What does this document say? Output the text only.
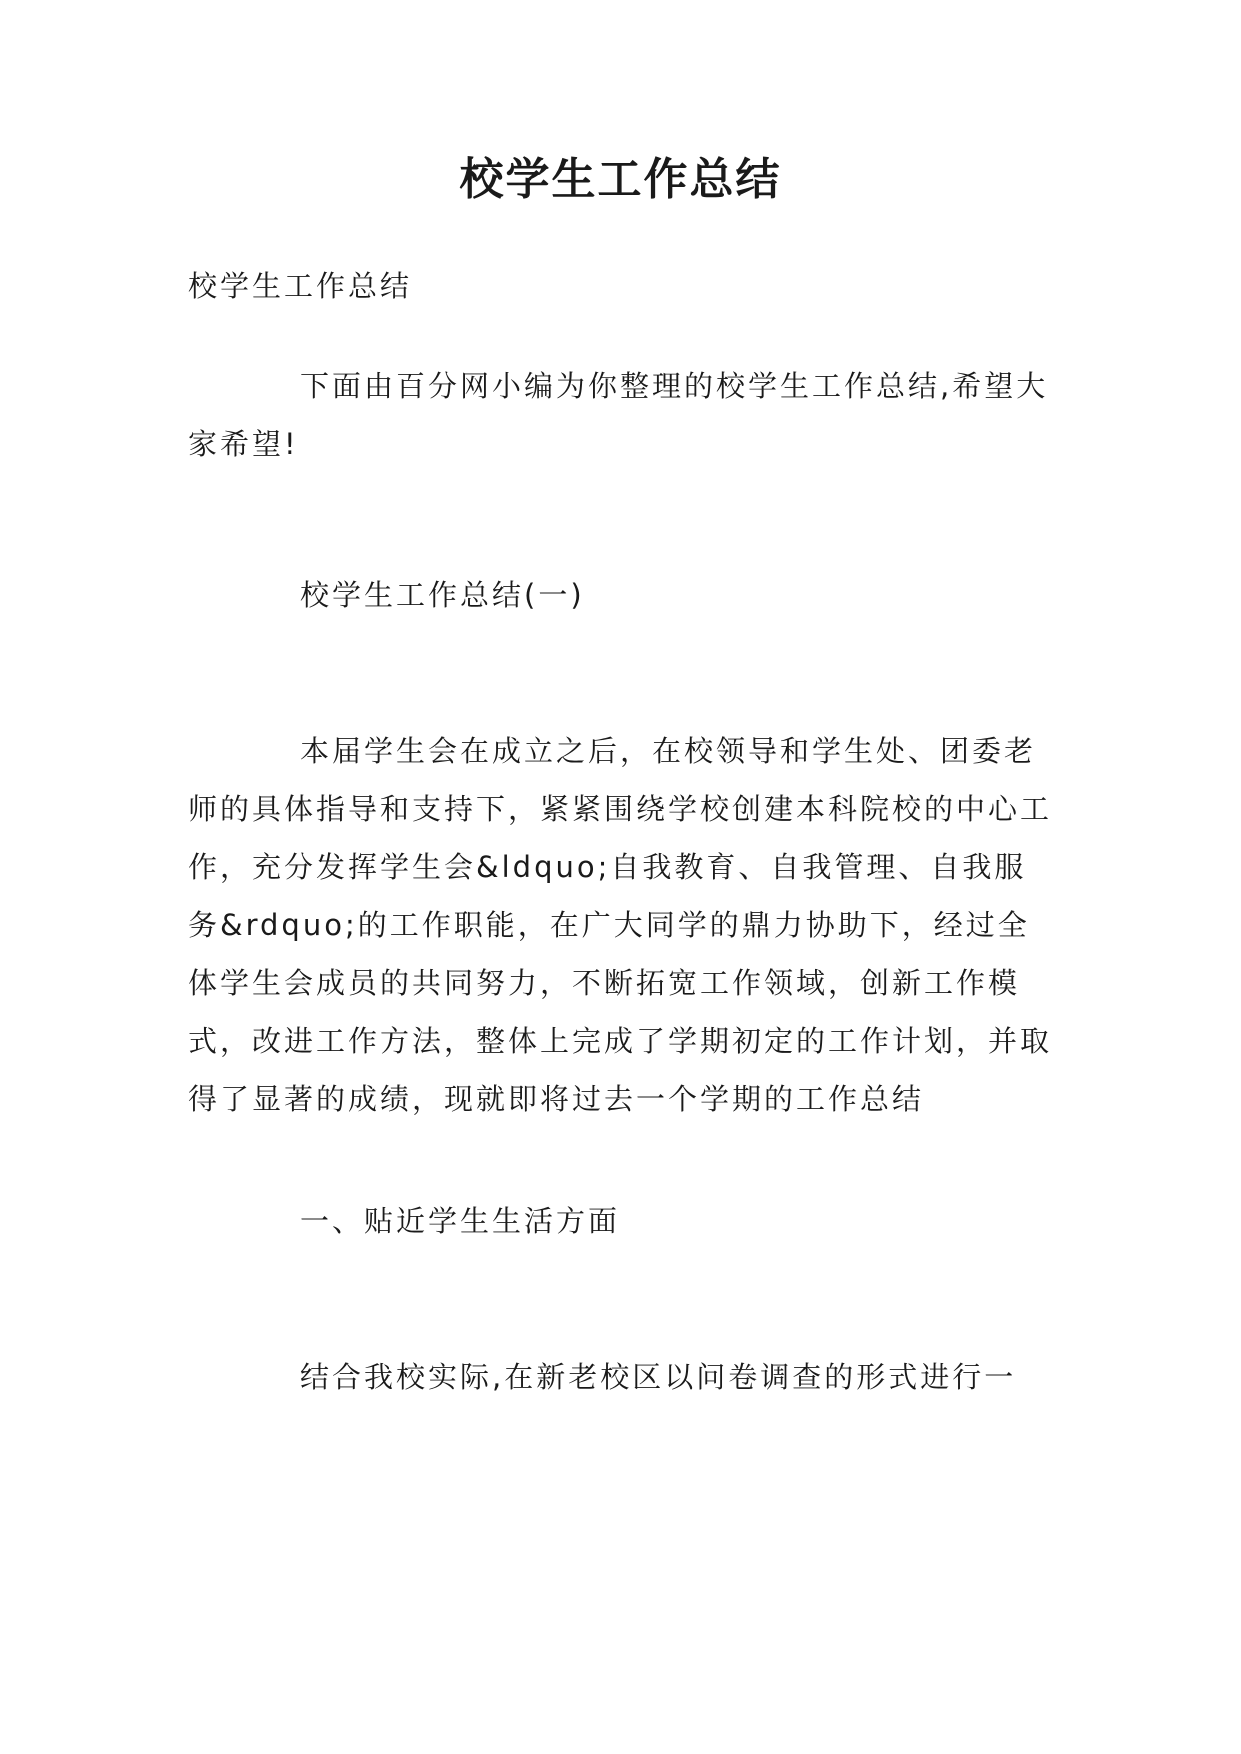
校学生工作总结

校学生工作总结

下面由百分网小编为你整理的校学生工作总结,希望大家希望!

校学生工作总结(一)

本届学生会在成立之后，在校领导和学生处、团委老师的具体指导和支持下，紧紧围绕学校创建本科院校的中心工作，充分发挥学生会&ldquo;自我教育、自我管理、自我服务&rdquo;的工作职能，在广大同学的鼎力协助下，经过全体学生会成员的共同努力，不断拓宽工作领域，创新工作模式，改进工作方法，整体上完成了学期初定的工作计划，并取得了显著的成绩，现就即将过去一个学期的工作总结

一、贴近学生生活方面

结合我校实际,在新老校区以问卷调查的形式进行一
